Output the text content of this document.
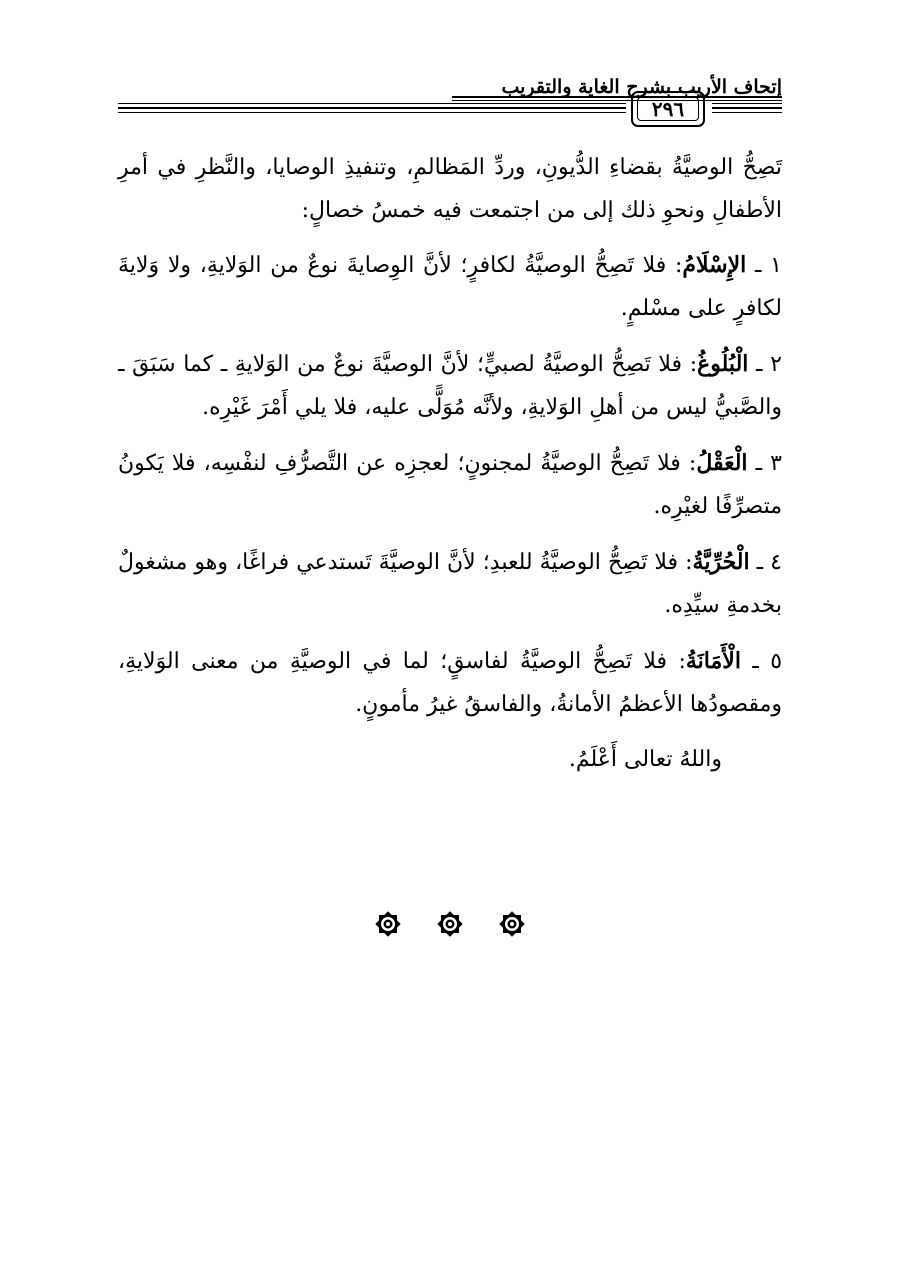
إتحاف الأريب بشرح الغاية والتقريب
٢٩٦

تَصِحُّ الوصيَّةُ بقضاءِ الدُّيونِ، وردِّ المَظالمِ، وتنفيذِ الوصايا، والنَّظرِ في أمرِ الأطفالِ ونحوِ ذلك إلى من اجتمعت فيه خمسُ خصالٍ:

١ ـ الإِسْلَامُ: فلا تَصِحُّ الوصيَّةُ لكافرٍ؛ لأنَّ الوِصايةَ نوعٌ من الوَلايةِ، ولا وَلايةَ لكافرٍ على مسْلمٍ.

٢ ـ الْبُلُوغُ: فلا تَصِحُّ الوصيَّةُ لصبيٍّ؛ لأنَّ الوصيَّةَ نوعٌ من الوَلايةِ ـ كما سَبَقَ ـ والصَّبيُّ ليس من أهلِ الوَلايةِ، ولأنَّه مُوَلًّى عليه، فلا يلي أَمْرَ غَيْرِه.

٣ ـ الْعَقْلُ: فلا تَصِحُّ الوصيَّةُ لمجنونٍ؛ لعجزِه عن التَّصرُّفِ لنفْسِه، فلا يَكونُ متصرِّفًا لغيْرِه.

٤ ـ الْحُرِّيَّةُ: فلا تَصِحُّ الوصيَّةُ للعبدِ؛ لأنَّ الوصيَّةَ تَستدعي فراغًا، وهو مشغولٌ بخدمةِ سيِّدِه.

٥ ـ الْأَمَانَةُ: فلا تَصِحُّ الوصيَّةُ لفاسقٍ؛ لما في الوصيَّةِ من معنى الوَلايةِ، ومقصودُها الأعظمُ الأمانةُ، والفاسقُ غيرُ مأمونٍ.

واللهُ تعالى أَعْلَمُ.
